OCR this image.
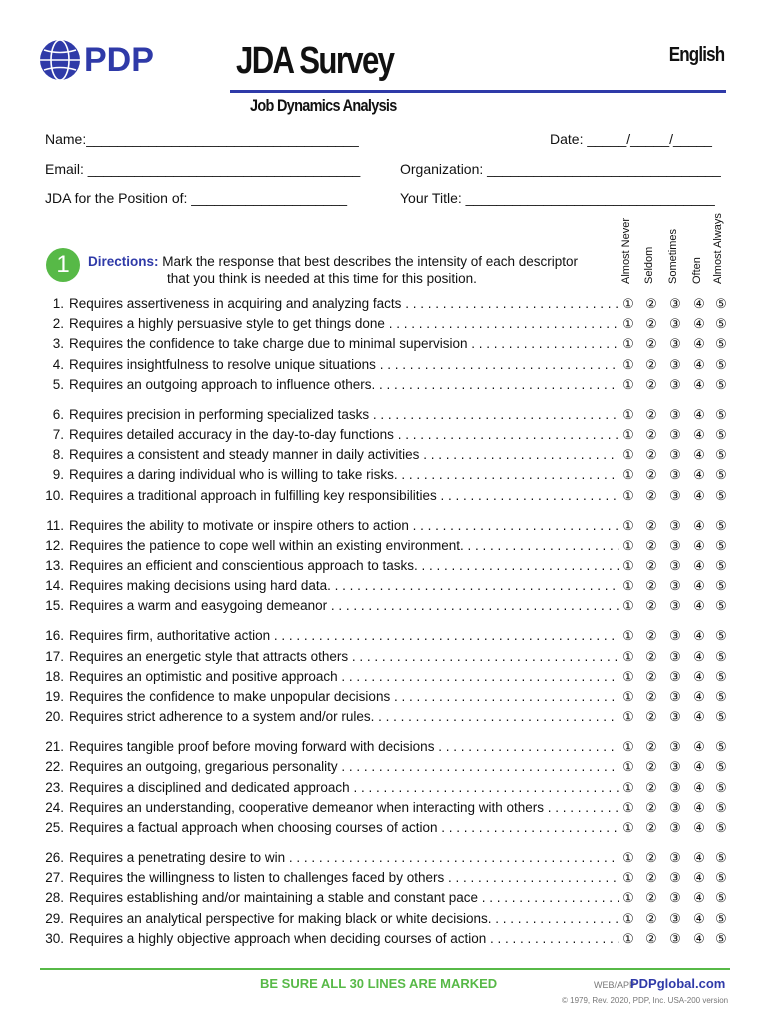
PDP JDA Survey	English
Job Dynamics Analysis
Name:___________________________________	Date: _____/_____/_____
Email: ___________________________________	Organization: ______________________________
JDA for the Position of: ____________________	Your Title: ________________________________
1	Directions: Mark the response that best describes the intensity of each descriptor
that you think is needed at this time for this position.	Almost Never Seldom Sometimes Often Almost Always
1. Requires assertiveness in acquiring and analyzing facts . . .	① ② ③ ④ ⑤
2. Requires a highly persuasive style to get things done . . .	① ② ③ ④ ⑤
3. Requires the confidence to take charge due to minimal supervision . . .	① ② ③ ④ ⑤
4. Requires insightfulness to resolve unique situations . . .	① ② ③ ④ ⑤
5. Requires an outgoing approach to influence others. . . .	① ② ③ ④ ⑤
6. Requires precision in performing specialized tasks . . .	① ② ③ ④ ⑤
7. Requires detailed accuracy in the day-to-day functions . . .	① ② ③ ④ ⑤
8. Requires a consistent and steady manner in daily activities . . .	① ② ③ ④ ⑤
9. Requires a daring individual who is willing to take risks. . . .	① ② ③ ④ ⑤
10. Requires a traditional approach in fulfilling key responsibilities . . .	① ② ③ ④ ⑤
11. Requires the ability to motivate or inspire others to action . . .	① ② ③ ④ ⑤
12. Requires the patience to cope well within an existing environment. . . .	① ② ③ ④ ⑤
13. Requires an efficient and conscientious approach to tasks. . . .	① ② ③ ④ ⑤
14. Requires making decisions using hard data. . . .	① ② ③ ④ ⑤
15. Requires a warm and easygoing demeanor . . .	① ② ③ ④ ⑤
16. Requires firm, authoritative action . . .	① ② ③ ④ ⑤
17. Requires an energetic style that attracts others . . .	① ② ③ ④ ⑤
18. Requires an optimistic and positive approach . . .	① ② ③ ④ ⑤
19. Requires the confidence to make unpopular decisions . . .	① ② ③ ④ ⑤
20. Requires strict adherence to a system and/or rules. . . .	① ② ③ ④ ⑤
21. Requires tangible proof before moving forward with decisions . . .	① ② ③ ④ ⑤
22. Requires an outgoing, gregarious personality . . .	① ② ③ ④ ⑤
23. Requires a disciplined and dedicated approach . . .	① ② ③ ④ ⑤
24. Requires an understanding, cooperative demeanor when interacting with others . . .	① ② ③ ④ ⑤
25. Requires a factual approach when choosing courses of action . . .	① ② ③ ④ ⑤
26. Requires a penetrating desire to win . . .	① ② ③ ④ ⑤
27. Requires the willingness to listen to challenges faced by others . . .	① ② ③ ④ ⑤
28. Requires establishing and/or maintaining a stable and constant pace . . .	① ② ③ ④ ⑤
29. Requires an analytical perspective for making black or white decisions. . . .	① ② ③ ④ ⑤
30. Requires a highly objective approach when deciding courses of action . . .	① ② ③ ④ ⑤
BE SURE ALL 30 LINES ARE MARKED	WEB/APP
PDPglobal.com
© 1979, Rev. 2020, PDP, Inc. USA-200 version
